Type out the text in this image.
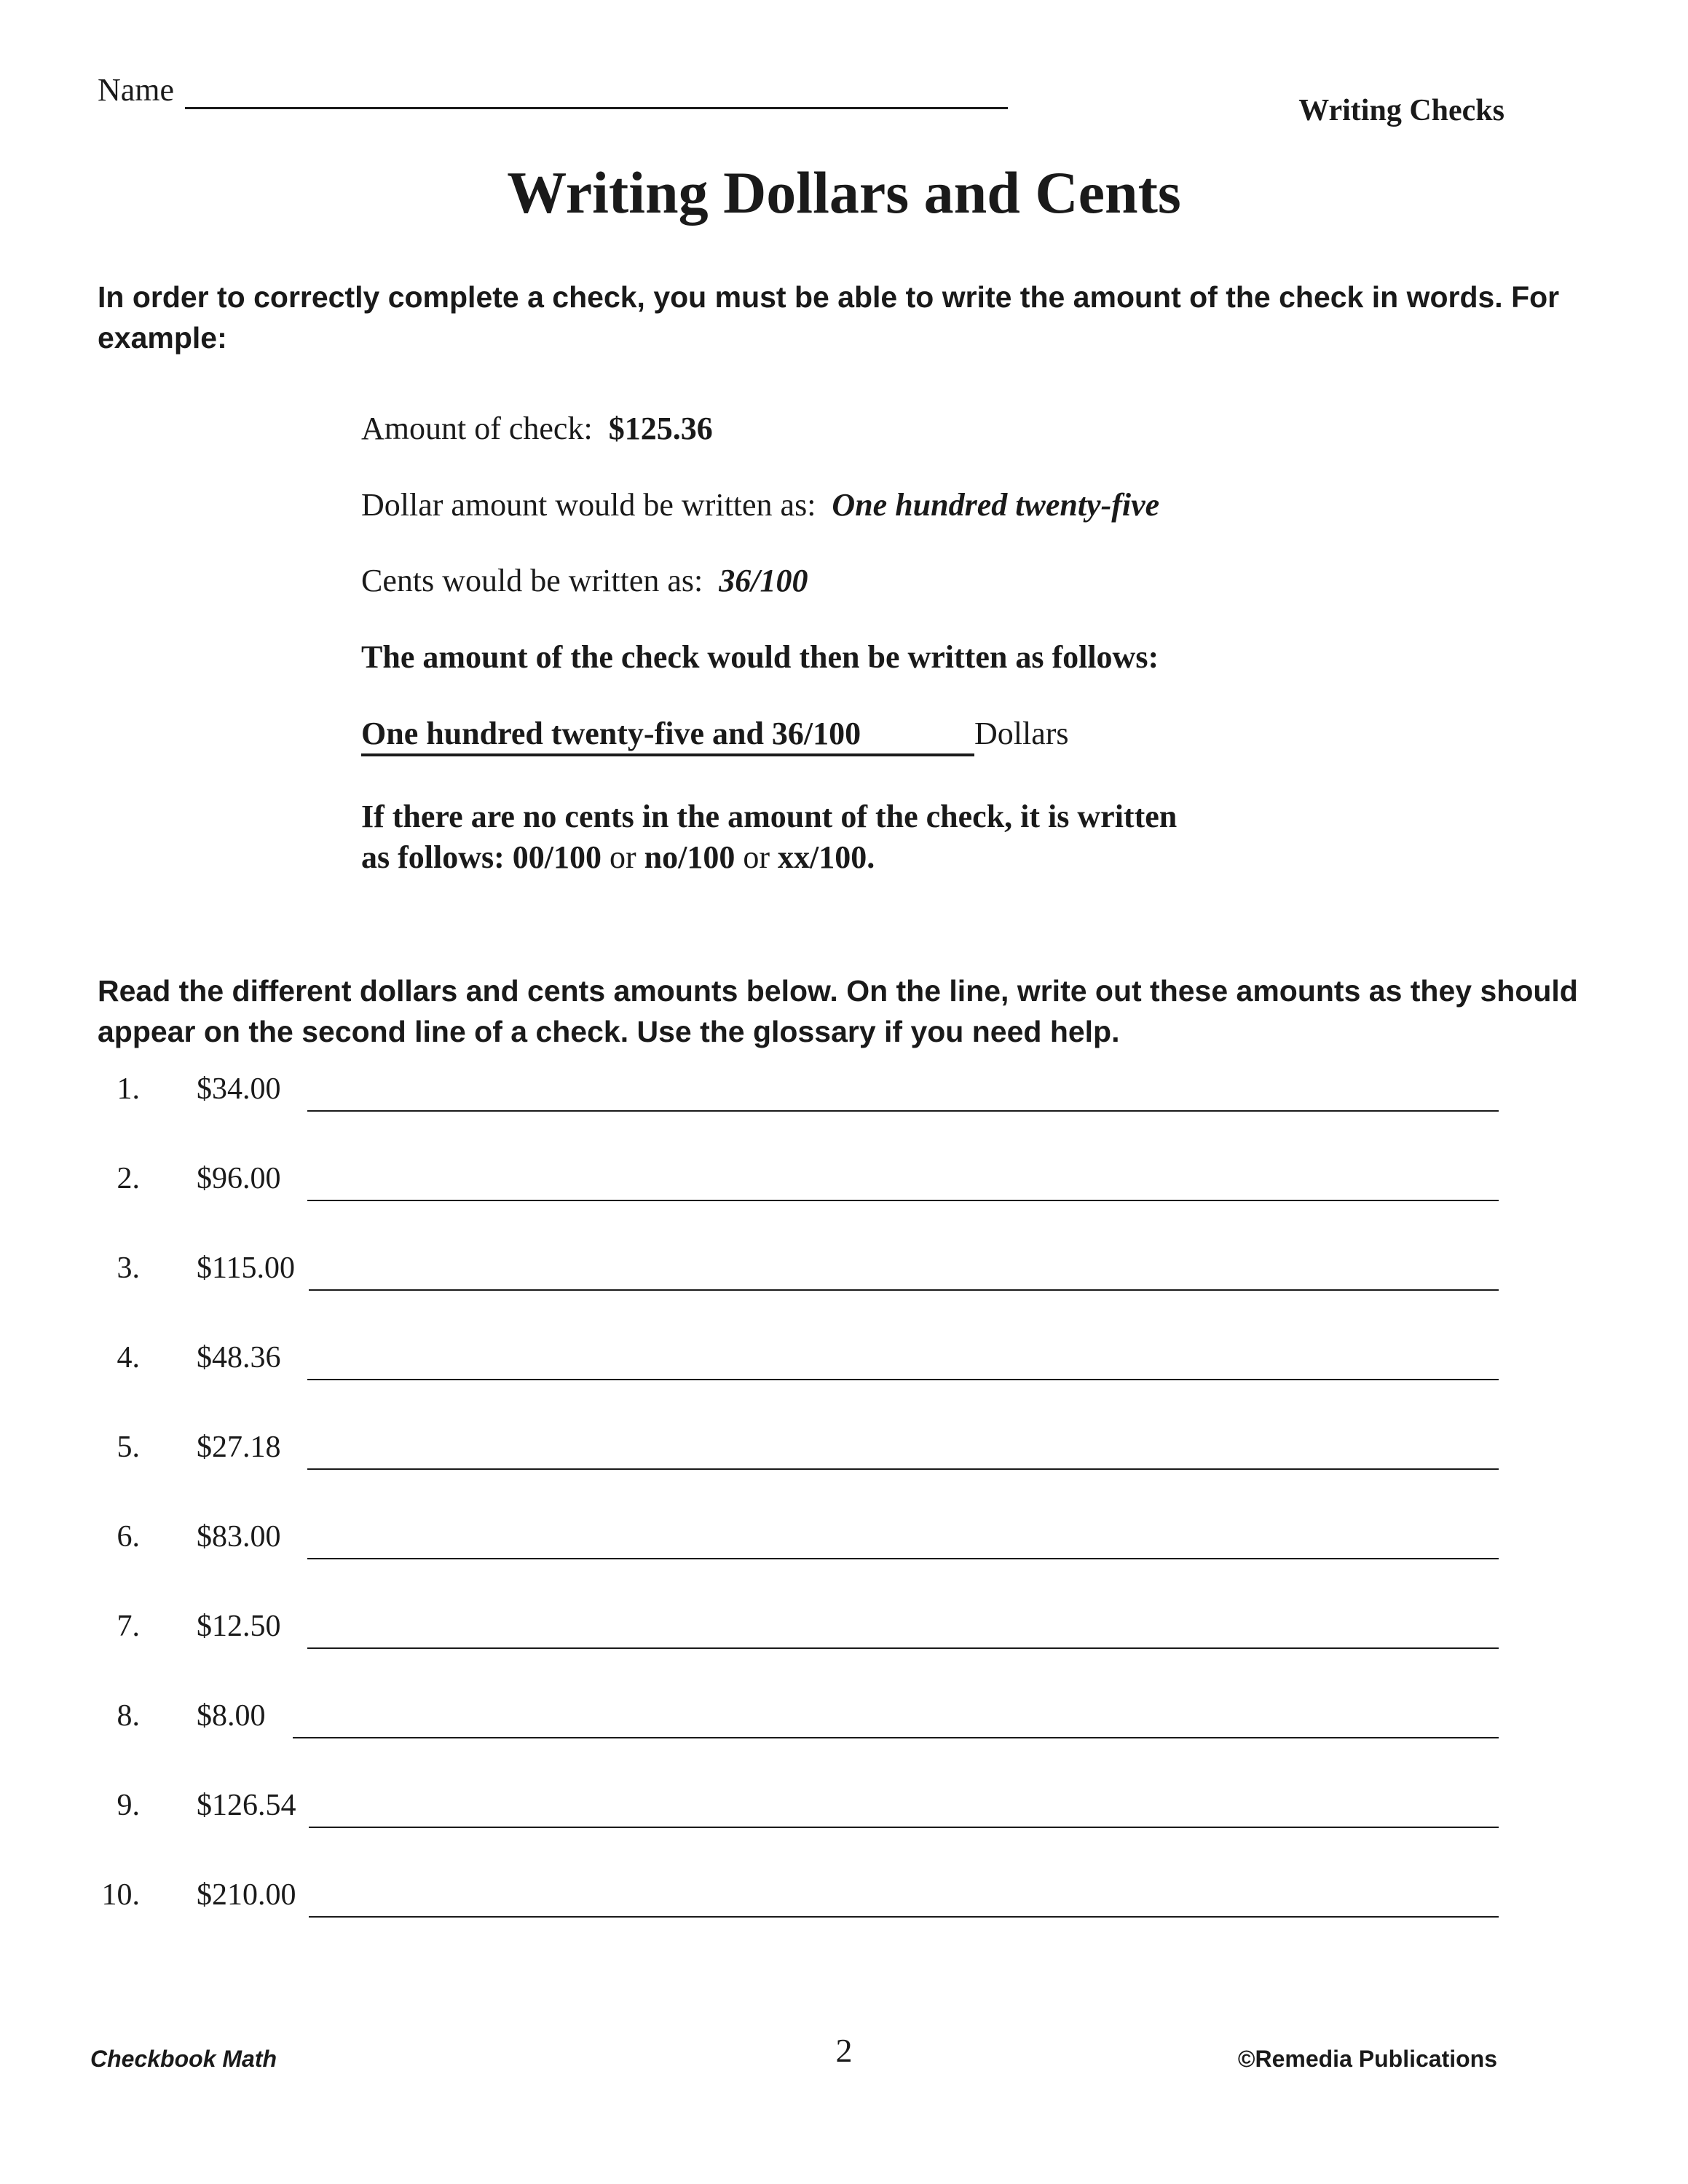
Name
Writing Checks
Writing Dollars and Cents
In order to correctly complete a check, you must be able to write the amount of the check in words. For example:
Amount of check: $125.36
Dollar amount would be written as: One hundred twenty-five
Cents would be written as: 36/100
The amount of the check would then be written as follows:
One hundred twenty-five and 36/100	Dollars
If there are no cents in the amount of the check, it is written
as follows: 00/100 or no/100 or xx/100.
Read the different dollars and cents amounts below. On the line, write out these amounts as they should appear on the second line of a check. Use the glossary if you need help.
1. $34.00
2. $96.00
3. $115.00
4. $48.36
5. $27.18
6. $83.00
7. $12.50
8. $8.00
9. $126.54
10. $210.00
Checkbook Math	2	©Remedia Publications
